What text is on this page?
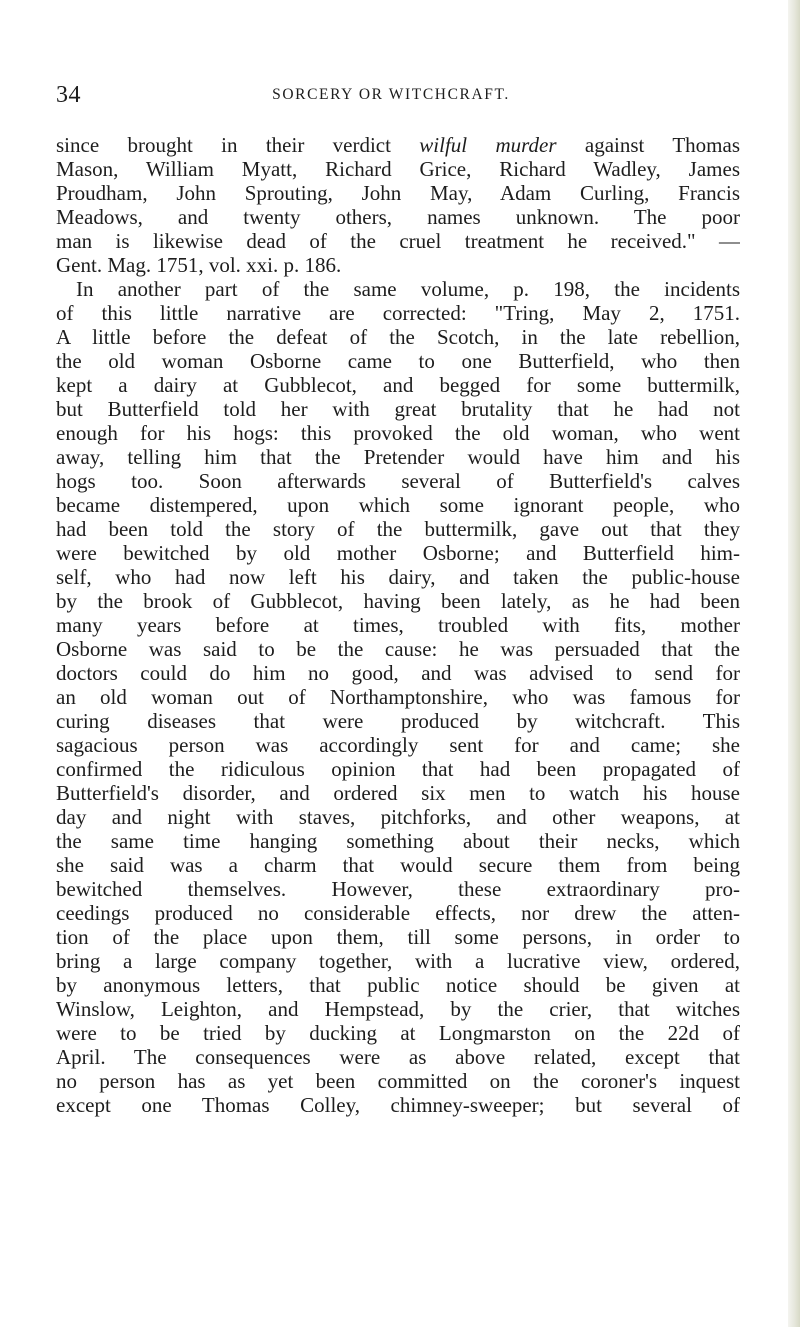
34	SORCERY OR WITCHCRAFT.
since brought in their verdict wilful murder against Thomas
Mason, William Myatt, Richard Grice, Richard Wadley, James
Proudham, John Sprouting, John May, Adam Curling, Francis
Meadows, and twenty others, names unknown. The poor
man is likewise dead of the cruel treatment he received." —
Gent. Mag. 1751, vol. xxi. p. 186.
In another part of the same volume, p. 198, the incidents
of this little narrative are corrected: "Tring, May 2, 1751.
A little before the defeat of the Scotch, in the late rebellion,
the old woman Osborne came to one Butterfield, who then
kept a dairy at Gubblecot, and begged for some buttermilk,
but Butterfield told her with great brutality that he had not
enough for his hogs: this provoked the old woman, who went
away, telling him that the Pretender would have him and his
hogs too. Soon afterwards several of Butterfield's calves
became distempered, upon which some ignorant people, who
had been told the story of the buttermilk, gave out that they
were bewitched by old mother Osborne; and Butterfield him-
self, who had now left his dairy, and taken the public-house
by the brook of Gubblecot, having been lately, as he had been
many years before at times, troubled with fits, mother
Osborne was said to be the cause: he was persuaded that the
doctors could do him no good, and was advised to send for
an old woman out of Northamptonshire, who was famous for
curing diseases that were produced by witchcraft. This
sagacious person was accordingly sent for and came; she
confirmed the ridiculous opinion that had been propagated of
Butterfield's disorder, and ordered six men to watch his house
day and night with staves, pitchforks, and other weapons, at
the same time hanging something about their necks, which
she said was a charm that would secure them from being
bewitched themselves. However, these extraordinary pro-
ceedings produced no considerable effects, nor drew the atten-
tion of the place upon them, till some persons, in order to
bring a large company together, with a lucrative view, ordered,
by anonymous letters, that public notice should be given at
Winslow, Leighton, and Hempstead, by the crier, that witches
were to be tried by ducking at Longmarston on the 22d of
April. The consequences were as above related, except that
no person has as yet been committed on the coroner's inquest
except one Thomas Colley, chimney-sweeper; but several of
